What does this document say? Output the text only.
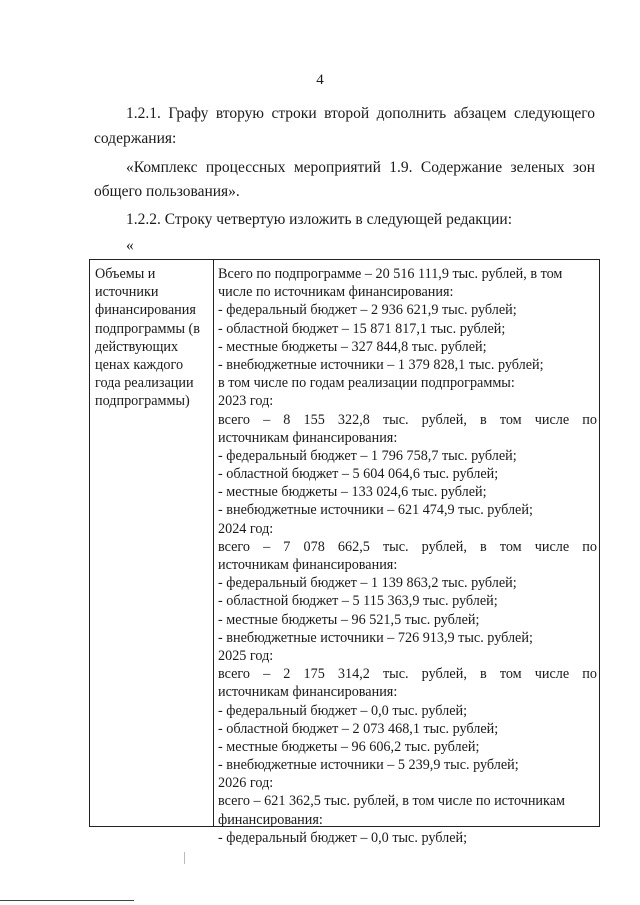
4

1.2.1. Графу вторую строки второй дополнить абзацем следующего

содержания:

«Комплекс процессных мероприятий 1.9. Содержание зеленых зон

общего пользования».

1.2.2. Строку четвертую изложить в следующей редакции:

«

Объемы и
источники
финансирования
подпрограммы (в
действующих
ценах каждого
года реализации
подпрограммы)
Всего по подпрограмме – 20 516 111,9 тыс. рублей, в том
числе по источникам финансирования:
- федеральный бюджет – 2 936 621,9 тыс. рублей;
- областной бюджет – 15 871 817,1 тыс. рублей;
- местные бюджеты – 327 844,8 тыс. рублей;
- внебюджетные источники – 1 379 828,1 тыс. рублей;
в том числе по годам реализации подпрограммы:
2023 год:
всего – 8 155 322,8 тыс. рублей, в том числе по
источникам финансирования:
- федеральный бюджет – 1 796 758,7 тыс. рублей;
- областной бюджет – 5 604 064,6 тыс. рублей;
- местные бюджеты – 133 024,6 тыс. рублей;
- внебюджетные источники – 621 474,9 тыс. рублей;
2024 год:
всего – 7 078 662,5 тыс. рублей, в том числе по
источникам финансирования:
- федеральный бюджет – 1 139 863,2 тыс. рублей;
- областной бюджет – 5 115 363,9 тыс. рублей;
- местные бюджеты – 96 521,5 тыс. рублей;
- внебюджетные источники – 726 913,9 тыс. рублей;
2025 год:
всего – 2 175 314,2 тыс. рублей, в том числе по
источникам финансирования:
- федеральный бюджет – 0,0 тыс. рублей;
- областной бюджет – 2 073 468,1 тыс. рублей;
- местные бюджеты – 96 606,2 тыс. рублей;
- внебюджетные источники – 5 239,9 тыс. рублей;
2026 год:
всего – 621 362,5 тыс. рублей, в том числе по источникам
финансирования:
- федеральный бюджет – 0,0 тыс. рублей;
